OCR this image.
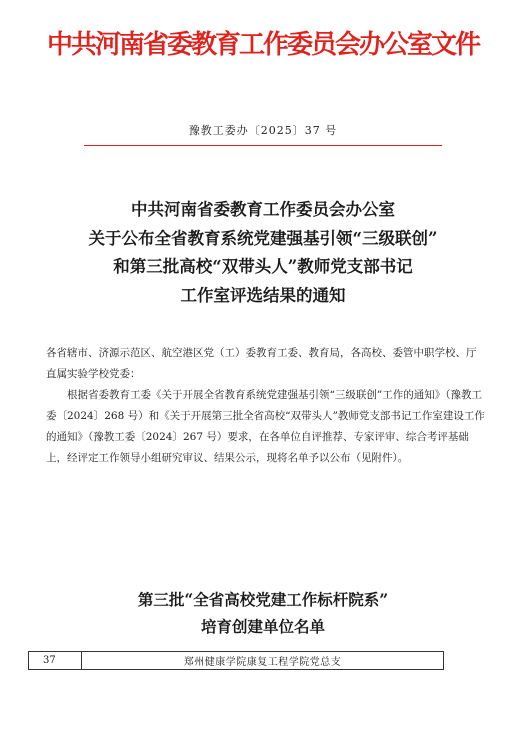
中共河南省委教育工作委员会办公室文件
豫教工委办〔2025〕37 号
中共河南省委教育工作委员会办公室
关于公布全省教育系统党建强基引领“三级联创”
和第三批高校“双带头人”教师党支部书记
工作室评选结果的通知

各省辖市、济源示范区、航空港区党（工）委教育工委、教育局，各高校、委管中职学校、厅直属实验学校党委：

根据省委教育工委《关于开展全省教育系统党建强基引领“三级联创”工作的通知》（豫教工委〔2024〕268 号）和《关于开展第三批全省高校“双带头人”教师党支部书记工作室建设工作的通知》（豫教工委〔2024〕267 号）要求，在各单位自评推荐、专家评审、综合考评基础上，经评定工作领导小组研究审议、结果公示，现将名单予以公布（见附件）。

第三批“全省高校党建工作标杆院系”
培育创建单位名单
37	郑州健康学院康复工程学院党总支
